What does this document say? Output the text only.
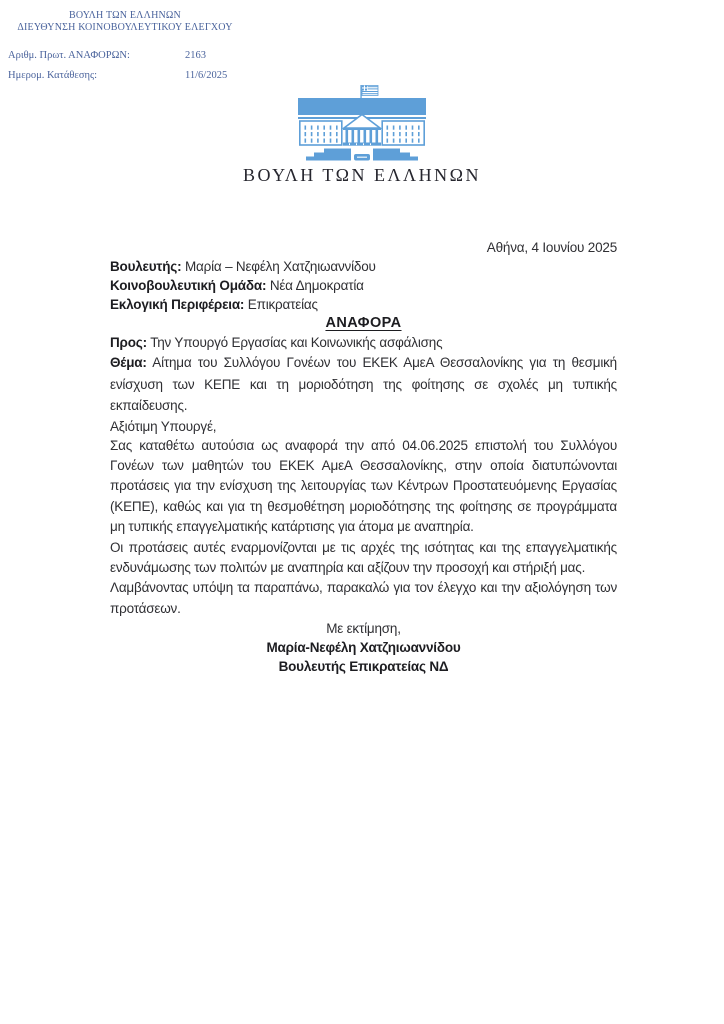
ΒΟΥΛΗ ΤΩΝ ΕΛΛΗΝΩΝ
ΔΙΕΥΘΥΝΣΗ ΚΟΙΝΟΒΟΥΛΕΥΤΙΚΟΥ ΕΛΕΓΧΟΥ
Αριθμ. Πρωτ. ΑΝΑΦΟΡΩΝ:	2163
Ημερομ. Κατάθεσης:	11/6/2025
ΒΟΥΛΗ ΤΩΝ ΕΛΛΗΝΩΝ
Αθήνα, 4 Ιουνίου 2025
Βουλευτής: Μαρία – Νεφέλη Χατζηιωαννίδου
Κοινοβουλευτική Ομάδα: Νέα Δημοκρατία
Εκλογική Περιφέρεια: Επικρατείας
ΑΝΑΦΟΡΑ
Προς: Την Υπουργό Εργασίας και Κοινωνικής ασφάλισης

Θέμα: Αίτημα του Συλλόγου Γονέων του ΕΚΕΚ ΑμεΑ Θεσσαλονίκης για τη θεσμική ενίσχυση των ΚΕΠΕ και τη μοριοδότηση της φοίτησης σε σχολές μη τυπικής εκπαίδευσης.

Αξιότιμη Υπουργέ,

Σας καταθέτω αυτούσια ως αναφορά την από 04.06.2025 επιστολή του Συλλόγου Γονέων των μαθητών του ΕΚΕΚ ΑμεΑ Θεσσαλονίκης, στην οποία διατυπώνονται προτάσεις για την ενίσχυση της λειτουργίας των Κέντρων Προστατευόμενης Εργασίας (ΚΕΠΕ), καθώς και για τη θεσμοθέτηση μοριοδότησης της φοίτησης σε προγράμματα μη τυπικής επαγγελματικής κατάρτισης για άτομα με αναπηρία.

Οι προτάσεις αυτές εναρμονίζονται με τις αρχές της ισότητας και της επαγγελματικής ενδυνάμωσης των πολιτών με αναπηρία και αξίζουν την προσοχή και στήριξή μας.

Λαμβάνοντας υπόψη τα παραπάνω, παρακαλώ για τον έλεγχο και την αξιολόγηση των προτάσεων.

Με εκτίμηση,
Μαρία-Νεφέλη Χατζηιωαννίδου
Βουλευτής Επικρατείας ΝΔ
